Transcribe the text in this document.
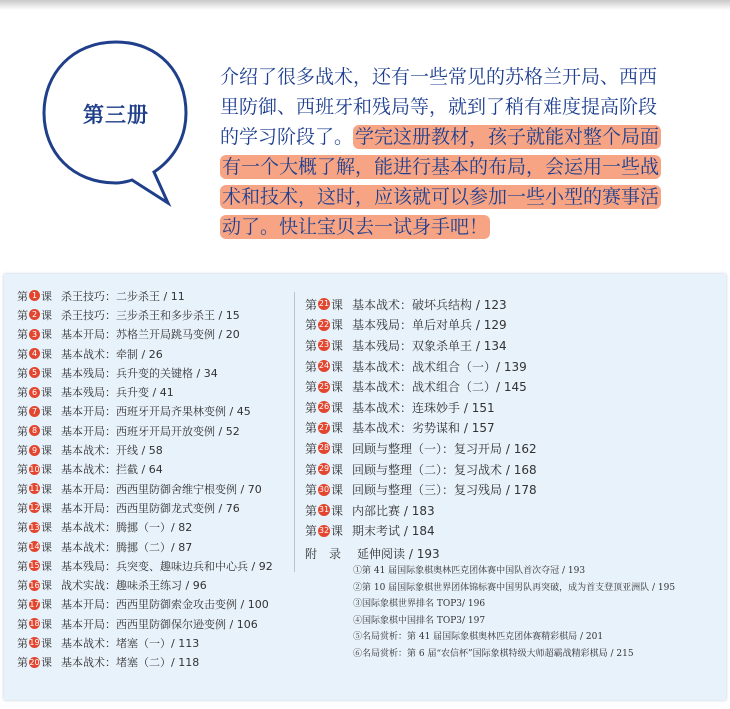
第三册
介绍了很多战术，还有一些常见的苏格兰开局、西西
里防御、西班牙和残局等，就到了稍有难度提高阶段
的学习阶段了。 学完这册教材，孩子就能对整个局面
有一个大概了解，能进行基本的布局，会运用一些战
术和技术，这时，应该就可以参加一些小型的赛事活
动了。快让宝贝去一试身手吧！
第 1 课 杀王技巧：二步杀王 / 11
第 2 课 杀王技巧：三步杀王和多步杀王 / 15
第 3 课 基本开局：苏格兰开局跳马变例 / 20
第 4 课 基本战术：牵制 / 26
第 5 课 基本残局：兵升变的关键格 / 34
第 6 课 基本残局：兵升变 / 41
第 7 课 基本开局：西班牙开局齐果林变例 / 45
第 8 课 基本开局：西班牙开局开放变例 / 52
第 9 课 基本战术：开线 / 58
第 10 课 基本战术：拦截 / 64
第 11 课 基本开局：西西里防御舍维宁根变例 / 70
第 12 课 基本开局：西西里防御龙式变例 / 76
第 13 课 基本战术：腾挪（一）/ 82
第 14 课 基本战术：腾挪（二）/ 87
第 15 课 基本残局：兵突变、趣味边兵和中心兵 / 92
第 16 课 战术实战：趣味杀王练习 / 96
第 17 课 基本开局：西西里防御索金攻击变例 / 100
第 18 课 基本开局：西西里防御保尔逊变例 / 106
第 19 课 基本战术：堵塞（一）/ 113
第 20 课 基本战术：堵塞（二）/ 118
第 21 课 基本战术：破坏兵结构 / 123
第 22 课 基本残局：单后对单兵 / 129
第 23 课 基本残局：双象杀单王 / 134
第 24 课 基本战术：战术组合（一）/ 139
第 25 课 基本战术：战术组合（二）/ 145
第 26 课 基本战术：连珠妙手 / 151
第 27 课 基本战术：劣势谋和 / 157
第 28 课 回顾与整理（一）：复习开局 / 162
第 29 课 回顾与整理（二）：复习战术 / 168
第 30 课 回顾与整理（三）：复习残局 / 178
第 31 课 内部比赛 / 183
第 32 课 期末考试 / 184
附　录 延伸阅读 / 193
①第 41 届国际象棋奥林匹克团体赛中国队首次夺冠 / 193
②第 10 届国际象棋世界团体锦标赛中国男队再突破，成为首支登顶亚洲队 / 195
③国际象棋世界排名 TOP3/ 196
④国际象棋中国排名 TOP3/ 197
⑤名局赏析：第 41 届国际象棋奥林匹克团体赛精彩棋局 / 201
⑥名局赏析：第 6 届“农信杯”国际象棋特级大师超霸战精彩棋局 / 215
